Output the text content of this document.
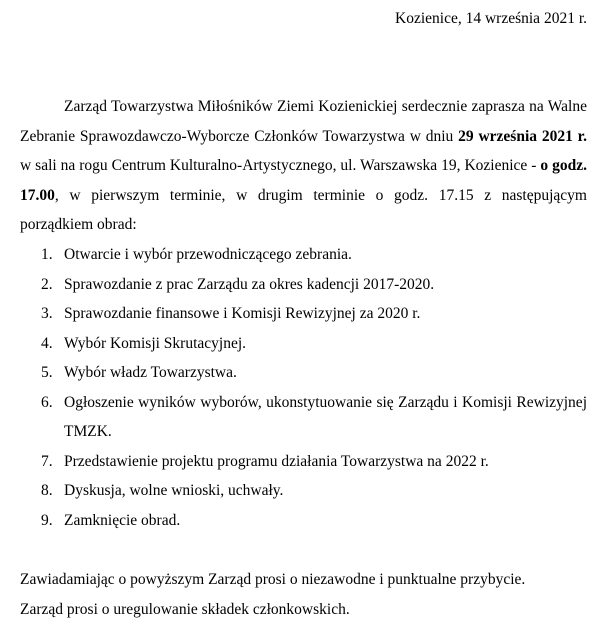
Kozienice, 14 września 2021 r.

Zarząd Towarzystwa Miłośników Ziemi Kozienickiej serdecznie zaprasza na Walne Zebranie Sprawozdawczo-Wyborcze Członków Towarzystwa w dniu 29 września 2021 r. w sali na rogu Centrum Kulturalno-Artystycznego, ul. Warszawska 19, Kozienice - o godz. 17.00, w pierwszym terminie, w drugim terminie o godz. 17.15 z następującym porządkiem obrad:

1. Otwarcie i wybór przewodniczącego zebrania.
2. Sprawozdanie z prac Zarządu za okres kadencji 2017-2020.
3. Sprawozdanie finansowe i Komisji Rewizyjnej za 2020 r.
4. Wybór Komisji Skrutacyjnej.
5. Wybór władz Towarzystwa.
6. Ogłoszenie wyników wyborów, ukonstytuowanie się Zarządu i Komisji Rewizyjnej TMZK.
7. Przedstawienie projektu programu działania Towarzystwa na 2022 r.
8. Dyskusja, wolne wnioski, uchwały.
9. Zamknięcie obrad.
Zawiadamiając o powyższym Zarząd prosi o niezawodne i punktualne przybycie.
Zarząd prosi o uregulowanie składek członkowskich.
